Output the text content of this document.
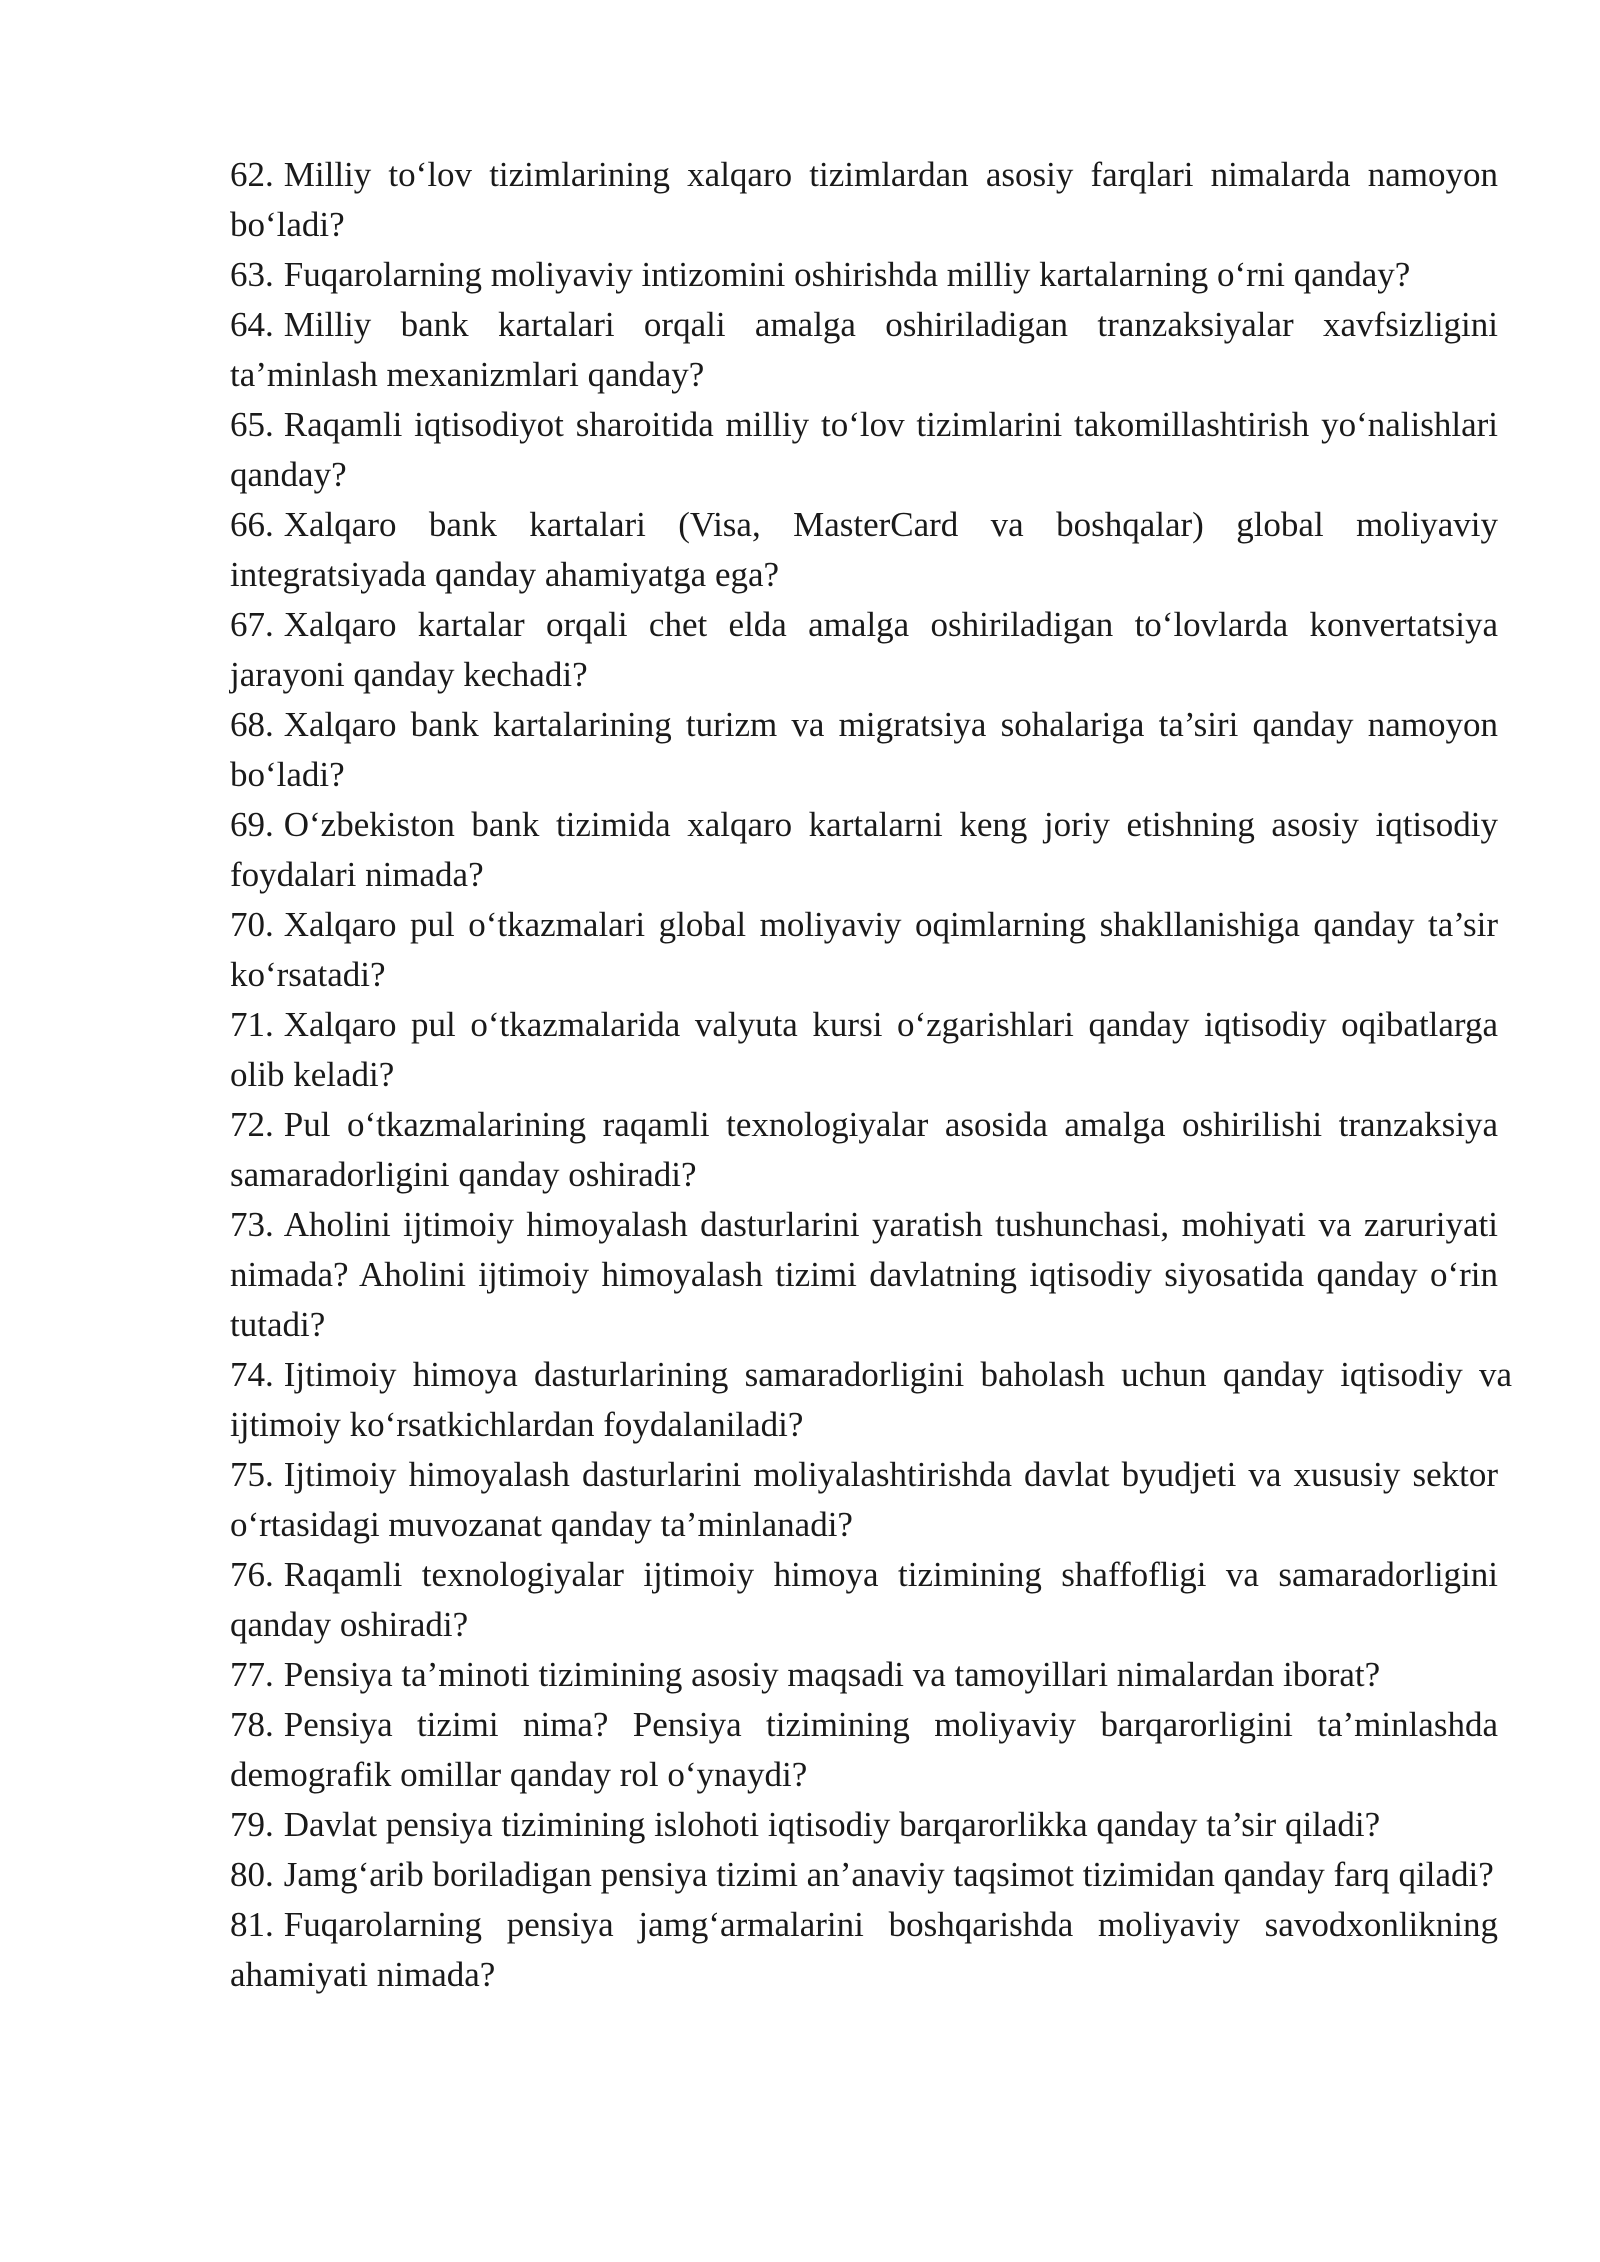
62. Milliy to‘lov tizimlarining xalqaro tizimlardan asosiy farqlari nimalarda namoyon bo‘ladi?

63. Fuqarolarning moliyaviy intizomini oshirishda milliy kartalarning o‘rni qanday?

64. Milliy bank kartalari orqali amalga oshiriladigan tranzaksiyalar xavfsizligini ta’minlash mexanizmlari qanday?

65. Raqamli iqtisodiyot sharoitida milliy to‘lov tizimlarini takomillashtirish yo‘nalishlari qanday?

66. Xalqaro bank kartalari (Visa, MasterCard va boshqalar) global moliyaviy integratsiyada qanday ahamiyatga ega?

67. Xalqaro kartalar orqali chet elda amalga oshiriladigan to‘lovlarda konvertatsiya jarayoni qanday kechadi?

68. Xalqaro bank kartalarining turizm va migratsiya sohalariga ta’siri qanday namoyon bo‘ladi?

69. O‘zbekiston bank tizimida xalqaro kartalarni keng joriy etishning asosiy iqtisodiy foydalari nimada?

70. Xalqaro pul o‘tkazmalari global moliyaviy oqimlarning shakllanishiga qanday ta’sir ko‘rsatadi?

71. Xalqaro pul o‘tkazmalarida valyuta kursi o‘zgarishlari qanday iqtisodiy oqibatlarga olib keladi?

72. Pul o‘tkazmalarining raqamli texnologiyalar asosida amalga oshirilishi tranzaksiya samaradorligini qanday oshiradi?

73. Aholini ijtimoiy himoyalash dasturlarini yaratish tushunchasi, mohiyati va zaruriyati nimada? Aholini ijtimoiy himoyalash tizimi davlatning iqtisodiy siyosatida qanday o‘rin tutadi?

74. Ijtimoiy himoya dasturlarining samaradorligini baholash uchun qanday iqtisodiy va ijtimoiy ko‘rsatkichlardan foydalaniladi?

75. Ijtimoiy himoyalash dasturlarini moliyalashtirishda davlat byudjeti va xususiy sektor o‘rtasidagi muvozanat qanday ta’minlanadi?

76. Raqamli texnologiyalar ijtimoiy himoya tizimining shaffofligi va samaradorligini qanday oshiradi?

77. Pensiya ta’minoti tizimining asosiy maqsadi va tamoyillari nimalardan iborat?

78. Pensiya tizimi nima? Pensiya tizimining moliyaviy barqarorligini ta’minlashda demografik omillar qanday rol o‘ynaydi?

79. Davlat pensiya tizimining islohoti iqtisodiy barqarorlikka qanday ta’sir qiladi?

80. Jamg‘arib boriladigan pensiya tizimi an’anaviy taqsimot tizimidan qanday farq qiladi?

81. Fuqarolarning pensiya jamg‘armalarini boshqarishda moliyaviy savodxonlikning ahamiyati nimada?
